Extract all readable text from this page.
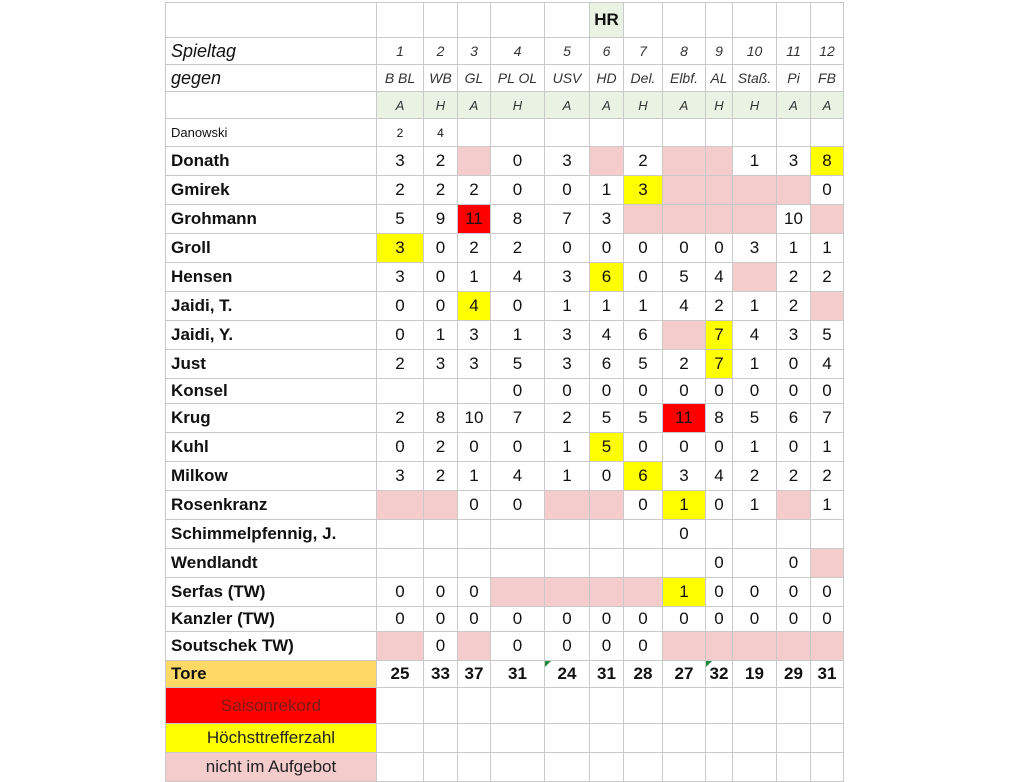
						HR						
Spieltag	1	2	3	4	5	6	7	8	9	10	11	12
gegen	B BL	WB	GL	PL OL	USV	HD	Del.	Elbf.	AL	Staß.	Pi	FB
	A	H	A	H	A	A	H	A	H	H	A	A
Danowski	2	4										
Donath	3	2		0	3		2			1	3	8
Gmirek	2	2	2	0	0	1	3					0
Grohmann	5	9	11	8	7	3					10	
Groll	3	0	2	2	0	0	0	0	0	3	1	1
Hensen	3	0	1	4	3	6	0	5	4		2	2
Jaidi, T.	0	0	4	0	1	1	1	4	2	1	2	
Jaidi, Y.	0	1	3	1	3	4	6		7	4	3	5
Just	2	3	3	5	3	6	5	2	7	1	0	4
Konsel				0	0	0	0	0	0	0	0	0
Krug	2	8	10	7	2	5	5	11	8	5	6	7
Kuhl	0	2	0	0	1	5	0	0	0	1	0	1
Milkow	3	2	1	4	1	0	6	3	4	2	2	2
Rosenkranz			0	0			0	1	0	1		1
Schimmelpfennig, J.								0				
Wendlandt									0		0	
Serfas (TW)	0	0	0					1	0	0	0	0
Kanzler (TW)	0	0	0	0	0	0	0	0	0	0	0	0
Soutschek TW)		0		0	0	0	0					
Tore	25	33	37	31	24	31	28	27	32	19	29	31
Saisonrekord												
Höchsttrefferzahl												
nicht im Aufgebot												
